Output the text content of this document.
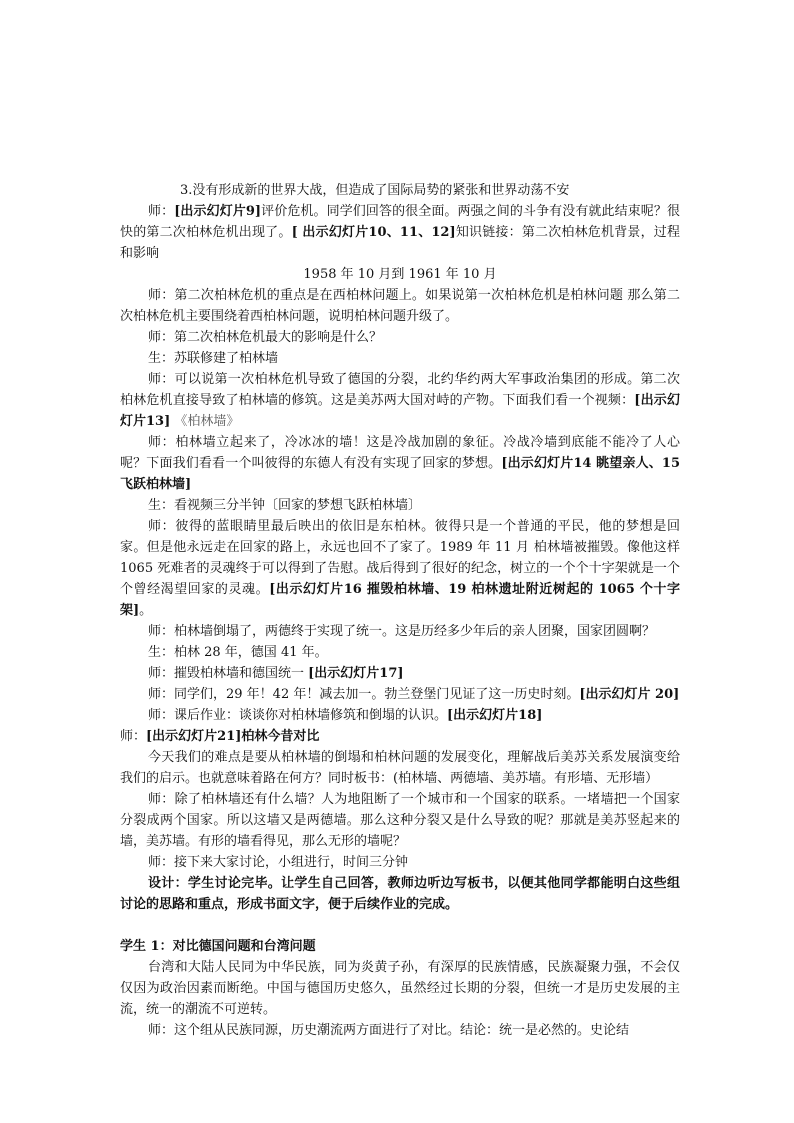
3.没有形成新的世界大战，但造成了国际局势的紧张和世界动荡不安

师：[出示幻灯片9]评价危机。同学们回答的很全面。两强之间的斗争有没有就此结束呢？很快的第二次柏林危机出现了。[ 出示幻灯片10、11、12]知识链接：第二次柏林危机背景，过程和影响

1958 年 10 月到 1961 年 10 月

师：第二次柏林危机的重点是在西柏林问题上。如果说第一次柏林危机是柏林问题 那么第二次柏林危机主要围绕着西柏林问题，说明柏林问题升级了。

师：第二次柏林危机最大的影响是什么？

生：苏联修建了柏林墙

师：可以说第一次柏林危机导致了德国的分裂，北约华约两大军事政治集团的形成。第二次柏林危机直接导致了柏林墙的修筑。这是美苏两大国对峙的产物。下面我们看一个视频：[出示幻灯片13] 《柏林墙》

师：柏林墙立起来了，冷冰冰的墙！这是冷战加剧的象征。冷战冷墙到底能不能冷了人心呢？下面我们看看一个叫彼得的东德人有没有实现了回家的梦想。[出示幻灯片14 眺望亲人、15 飞跃柏林墙]

生：看视频三分半钟〔回家的梦想飞跃柏林墙〕

师：彼得的蓝眼睛里最后映出的依旧是东柏林。彼得只是一个普通的平民，他的梦想是回家。但是他永远走在回家的路上，永远也回不了家了。1989 年 11 月 柏林墙被摧毁。像他这样 1065 死难者的灵魂终于可以得到了告慰。战后得到了很好的纪念，树立的一个个十字架就是一个个曾经渴望回家的灵魂。[出示幻灯片16 摧毁柏林墙、19 柏林遗址附近树起的 1065 个十字架]。

师：柏林墙倒塌了，两德终于实现了统一。这是历经多少年后的亲人团聚，国家团圆啊？

生：柏林 28 年，德国 41 年。

师：摧毁柏林墙和德国统一 [出示幻灯片17]

师：同学们，29 年！42 年！减去加一。勃兰登堡门见证了这一历史时刻。[出示幻灯片 20]

师：课后作业：谈谈你对柏林墙修筑和倒塌的认识。[出示幻灯片18]

师：[出示幻灯片21]柏林今昔对比

今天我们的难点是要从柏林墙的倒塌和柏林问题的发展变化，理解战后美苏关系发展演变给我们的启示。也就意味着路在何方？同时板书：(柏林墙、两德墙、美苏墙。有形墙、无形墙）

师：除了柏林墙还有什么墙？人为地阻断了一个城市和一个国家的联系。一堵墙把一个国家分裂成两个国家。所以这墙又是两德墙。那么这种分裂又是什么导致的呢？那就是美苏竖起来的墙，美苏墙。有形的墙看得见，那么无形的墙呢？

师：接下来大家讨论，小组进行，时间三分钟

设计：学生讨论完毕。让学生自己回答，教师边听边写板书，以便其他同学都能明白这些组讨论的思路和重点，形成书面文字，便于后续作业的完成。

学生 1：对比德国问题和台湾问题

台湾和大陆人民同为中华民族，同为炎黄子孙，有深厚的民族情感，民族凝聚力强，不会仅仅因为政治因素而断绝。中国与德国历史悠久，虽然经过长期的分裂，但统一才是历史发展的主流，统一的潮流不可逆转。

师：这个组从民族同源，历史潮流两方面进行了对比。结论：统一是必然的。史论结
